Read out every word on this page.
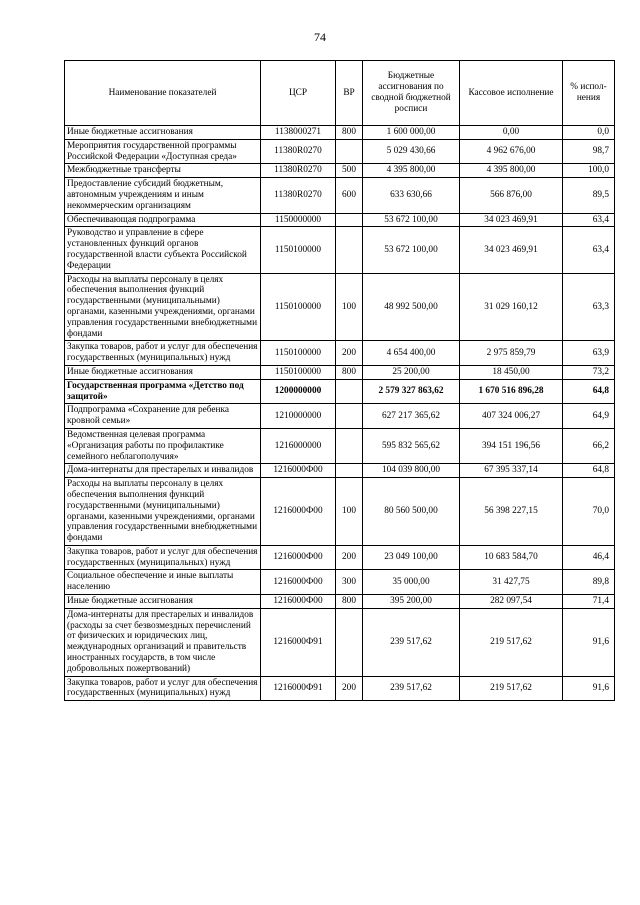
74
Наименование показателей	ЦСР	ВР	Бюджетные ассигнования по сводной бюджетной росписи	Кассовое исполнение	% испол-нения
Иные бюджетные ассигнования	1138000271	800	1 600 000,00	0,00	0,0
Мероприятия государственной программы Российской Федерации «Доступная среда»	11380R0270		5 029 430,66	4 962 676,00	98,7
Межбюджетные трансферты	11380R0270	500	4 395 800,00	4 395 800,00	100,0
Предоставление субсидий бюджетным, автономным учреждениям и иным некоммерческим организациям	11380R0270	600	633 630,66	566 876,00	89,5
Обеспечивающая подпрограмма	1150000000		53 672 100,00	34 023 469,91	63,4
Руководство и управление в сфере установленных функций органов государственной власти субъекта Российской Федерации	1150100000		53 672 100,00	34 023 469,91	63,4
Расходы на выплаты персоналу в целях обеспечения выполнения функций государственными (муниципальными) органами, казенными учреждениями, органами управления государственными внебюджетными фондами	1150100000	100	48 992 500,00	31 029 160,12	63,3
Закупка товаров, работ и услуг для обеспечения государственных (муниципальных) нужд	1150100000	200	4 654 400,00	2 975 859,79	63,9
Иные бюджетные ассигнования	1150100000	800	25 200,00	18 450,00	73,2
Государственная программа «Детство под защитой»	1200000000		2 579 327 863,62	1 670 516 896,28	64,8
Подпрограмма «Сохранение для ребенка кровной семьи»	1210000000		627 217 365,62	407 324 006,27	64,9
Ведомственная целевая программа «Организация работы по профилактике семейного неблагополучия»	1216000000		595 832 565,62	394 151 196,56	66,2
Дома-интернаты для престарелых и инвалидов	1216000Ф00		104 039 800,00	67 395 337,14	64,8
Расходы на выплаты персоналу в целях обеспечения выполнения функций государственными (муниципальными) органами, казенными учреждениями, органами управления государственными внебюджетными фондами	1216000Ф00	100	80 560 500,00	56 398 227,15	70,0
Закупка товаров, работ и услуг для обеспечения государственных (муниципальных) нужд	1216000Ф00	200	23 049 100,00	10 683 584,70	46,4
Социальное обеспечение и иные выплаты населению	1216000Ф00	300	35 000,00	31 427,75	89,8
Иные бюджетные ассигнования	1216000Ф00	800	395 200,00	282 097,54	71,4
Дома-интернаты для престарелых и инвалидов (расходы за счет безвозмездных перечислений от физических и юридических лиц, международных организаций и правительств иностранных государств, в том числе добровольных пожертвований)	1216000Ф91		239 517,62	219 517,62	91,6
Закупка товаров, работ и услуг для обеспечения государственных (муниципальных) нужд	1216000Ф91	200	239 517,62	219 517,62	91,6
